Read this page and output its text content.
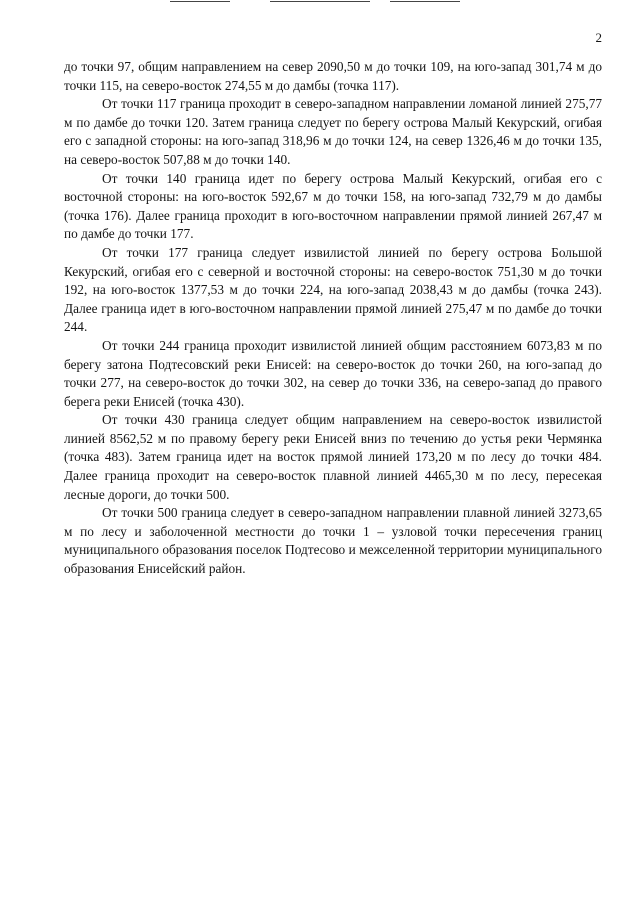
2

до точки 97, общим направлением на север 2090,50 м до точки 109, на юго-запад 301,74 м до точки 115, на северо-восток 274,55 м до дамбы (точка 117).

От точки 117 граница проходит в северо-западном направлении ломаной линией 275,77 м по дамбе до точки 120. Затем граница следует по берегу острова Малый Кекурский, огибая его с западной стороны: на юго-запад 318,96 м до точки 124, на север 1326,46 м до точки 135, на северо-восток 507,88 м до точки 140.

От точки 140 граница идет по берегу острова Малый Кекурский, огибая его с восточной стороны: на юго-восток 592,67 м до точки 158, на юго-запад 732,79 м до дамбы (точка 176). Далее граница проходит в юго-восточном направлении прямой линией 267,47 м по дамбе до точки 177.

От точки 177 граница следует извилистой линией по берегу острова Большой Кекурский, огибая его с северной и восточной стороны: на северо-восток 751,30 м до точки 192, на юго-восток 1377,53 м до точки 224, на юго-запад 2038,43 м до дамбы (точка 243). Далее граница идет в юго-восточном направлении прямой линией 275,47 м по дамбе до точки 244.

От точки 244 граница проходит извилистой линией общим расстоянием 6073,83 м по берегу затона Подтесовский реки Енисей: на северо-восток до точки 260, на юго-запад до точки 277, на северо-восток до точки 302, на север до точки 336, на северо-запад до правого берега реки Енисей (точка 430).

От точки 430 граница следует общим направлением на северо-восток извилистой линией 8562,52 м по правому берегу реки Енисей вниз по течению до устья реки Чермянка (точка 483). Затем граница идет на восток прямой линией 173,20 м по лесу до точки 484. Далее граница проходит на северо-восток плавной линией 4465,30 м по лесу, пересекая лесные дороги, до точки 500.

От точки 500 граница следует в северо-западном направлении плавной линией 3273,65 м по лесу и заболоченной местности до точки 1 – узловой точки пересечения границ муниципального образования поселок Подтесово и межселенной территории муниципального образования Енисейский район.
